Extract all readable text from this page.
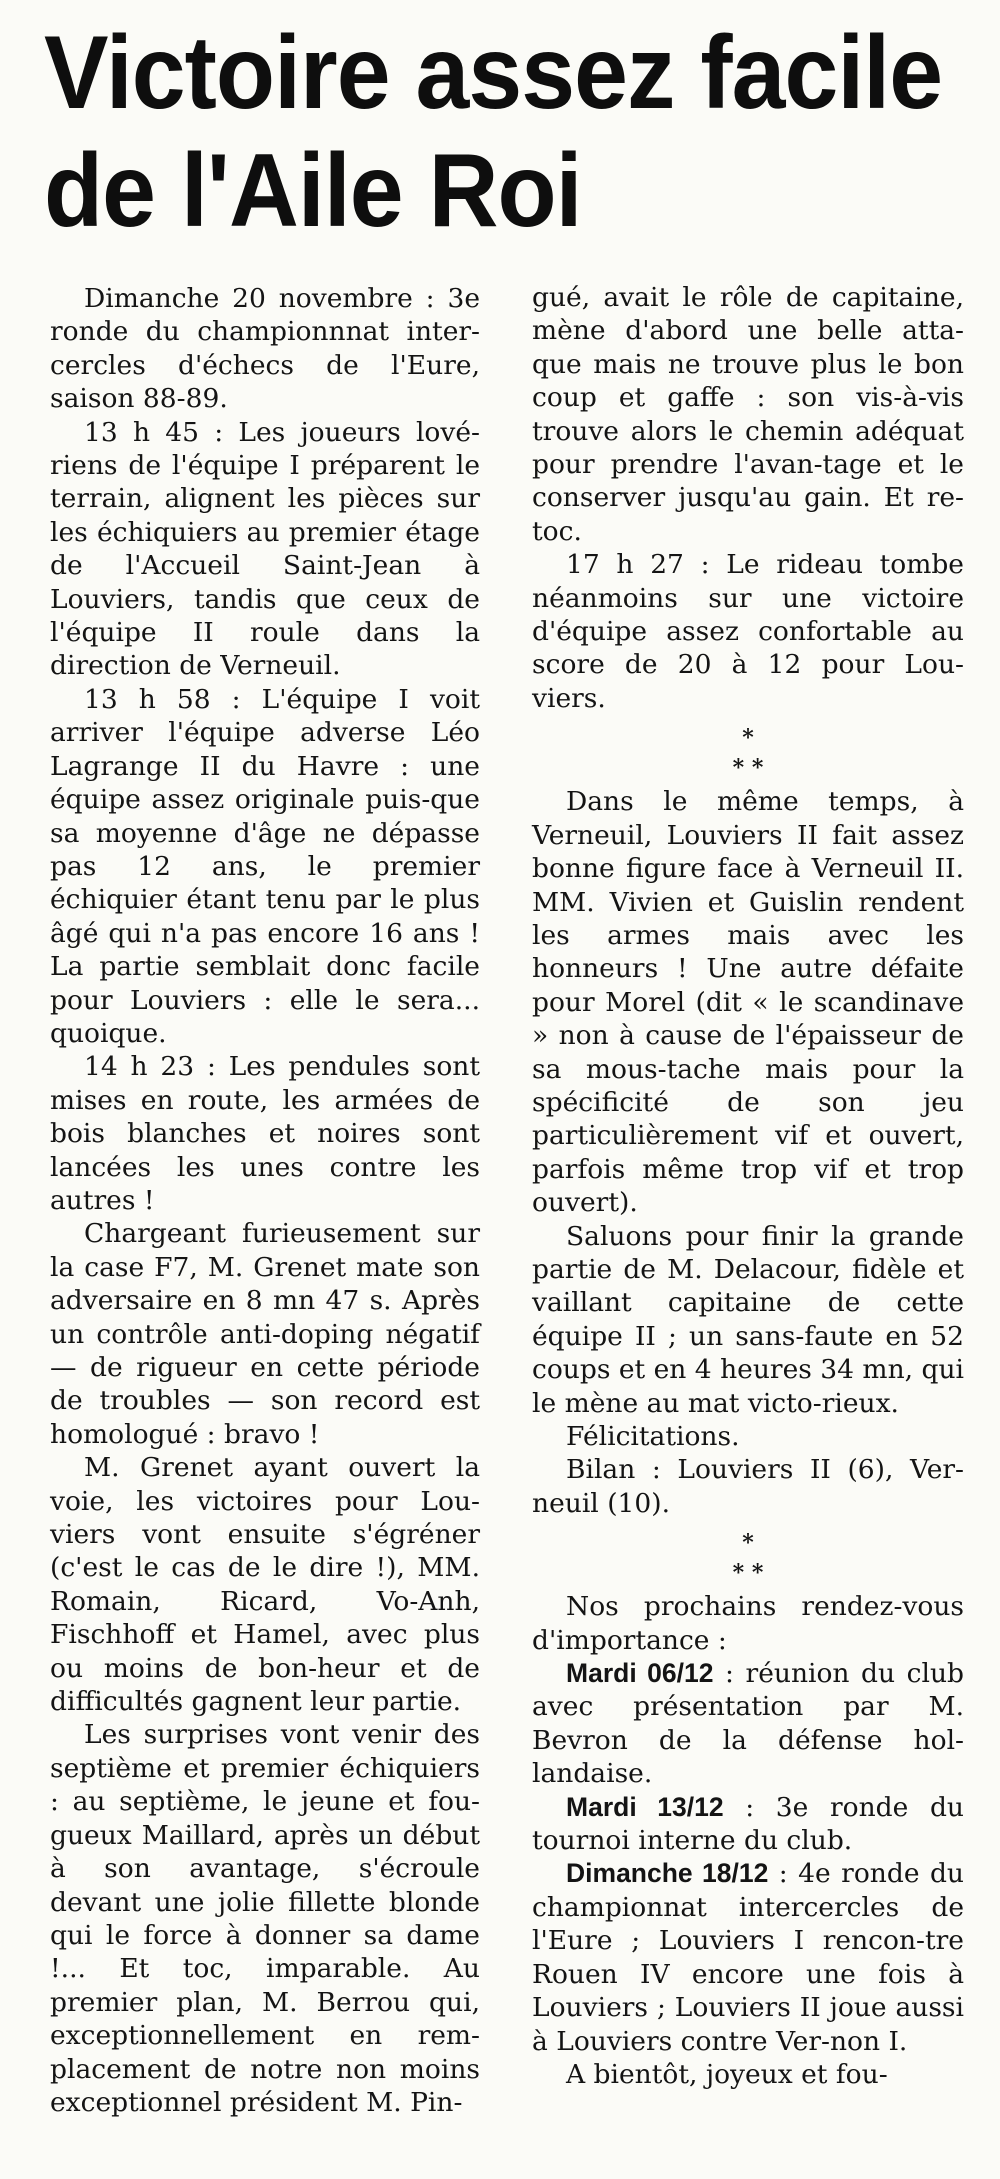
Victoire assez facile
de l'Aile Roi

Dimanche 20 novembre : 3e ronde du championnnat inter-cercles d'échecs de l'Eure, saison 88-89.

13 h 45 : Les joueurs lové-riens de l'équipe I préparent le terrain, alignent les pièces sur les échiquiers au premier étage de l'Accueil Saint-Jean à Louviers, tandis que ceux de l'équipe II roule dans la direction de Verneuil.

13 h 58 : L'équipe I voit arriver l'équipe adverse Léo Lagrange II du Havre : une équipe assez originale puis-que sa moyenne d'âge ne dépasse pas 12 ans, le premier échiquier étant tenu par le plus âgé qui n'a pas encore 16 ans ! La partie semblait donc facile pour Louviers : elle le sera... quoique.

14 h 23 : Les pendules sont mises en route, les armées de bois blanches et noires sont lancées les unes contre les autres !

Chargeant furieusement sur la case F7, M. Grenet mate son adversaire en 8 mn 47 s. Après un contrôle anti-doping négatif — de rigueur en cette période de troubles — son record est homologué : bravo !

M. Grenet ayant ouvert la voie, les victoires pour Lou-viers vont ensuite s'égréner (c'est le cas de le dire !), MM. Romain, Ricard, Vo-Anh, Fischhoff et Hamel, avec plus ou moins de bon-heur et de difficultés gagnent leur partie.

Les surprises vont venir des septième et premier échiquiers : au septième, le jeune et fou-gueux Maillard, après un début à son avantage, s'écroule devant une jolie fillette blonde qui le force à donner sa dame !... Et toc, imparable. Au premier plan, M. Berrou qui, exceptionnellement en rem-placement de notre non moins exceptionnel président M. Pin-

gué, avait le rôle de capitaine, mène d'abord une belle atta-que mais ne trouve plus le bon coup et gaffe : son vis-à-vis trouve alors le chemin adéquat pour prendre l'avan-tage et le conserver jusqu'au gain. Et re-toc.

17 h 27 : Le rideau tombe néanmoins sur une victoire d'équipe assez confortable au score de 20 à 12 pour Lou-viers.

*
* *

Dans le même temps, à Verneuil, Louviers II fait assez bonne figure face à Verneuil II. MM. Vivien et Guislin rendent les armes mais avec les honneurs ! Une autre défaite pour Morel (dit « le scandinave » non à cause de l'épaisseur de sa mous-tache mais pour la spécificité de son jeu particulièrement vif et ouvert, parfois même trop vif et trop ouvert).

Saluons pour finir la grande partie de M. Delacour, fidèle et vaillant capitaine de cette équipe II ; un sans-faute en 52 coups et en 4 heures 34 mn, qui le mène au mat victo-rieux.

Félicitations.

Bilan : Louviers II (6), Ver-neuil (10).

*
* *

Nos prochains rendez-vous d'importance :

Mardi 06/12 : réunion du club avec présentation par M. Bevron de la défense hol-landaise.

Mardi 13/12 : 3e ronde du tournoi interne du club.

Dimanche 18/12 : 4e ronde du championnat intercercles de l'Eure ; Louviers I rencon-tre Rouen IV encore une fois à Louviers ; Louviers II joue aussi à Louviers contre Ver-non I.

A bientôt, joyeux et fou-
